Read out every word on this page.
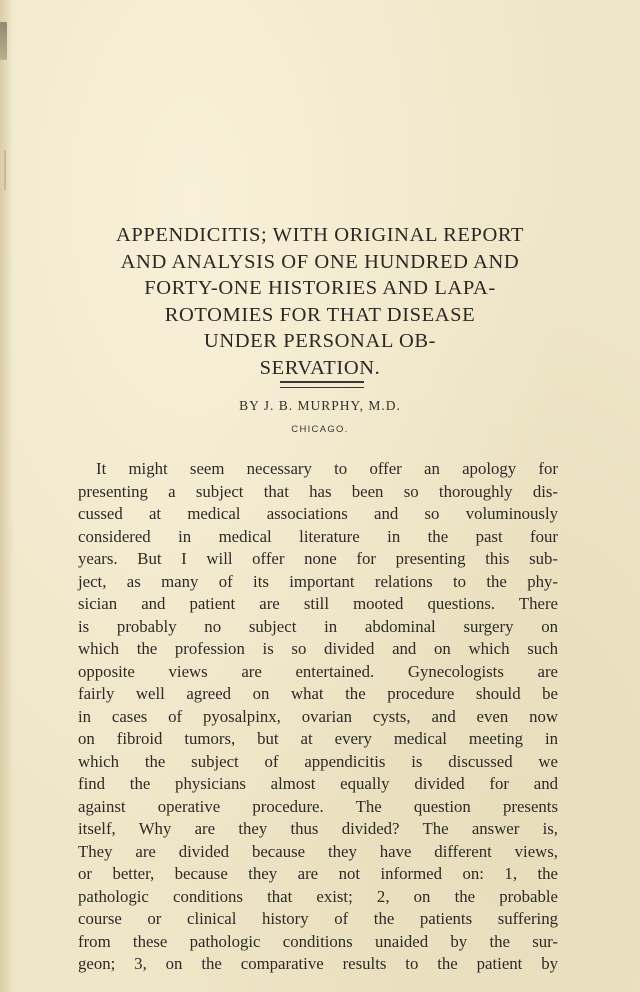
APPENDICITIS; WITH ORIGINAL REPORT
AND ANALYSIS OF ONE HUNDRED AND
FORTY-ONE HISTORIES AND LAPA-
ROTOMIES FOR THAT DISEASE
UNDER PERSONAL OB-
SERVATION.
BY J. B. MURPHY, M.D.
CHICAGO.
It might seem necessary to offer an apology for
presenting a subject that has been so thoroughly dis-
cussed at medical associations and so voluminously
considered in medical literature in the past four
years. But I will offer none for presenting this sub-
ject, as many of its important relations to the phy-
sician and patient are still mooted questions. There
is probably no subject in abdominal surgery on
which the profession is so divided and on which such
opposite views are entertained. Gynecologists are
fairly well agreed on what the procedure should be
in cases of pyosalpinx, ovarian cysts, and even now
on fibroid tumors, but at every medical meeting in
which the subject of appendicitis is discussed we
find the physicians almost equally divided for and
against operative procedure. The question presents
itself, Why are they thus divided? The answer is,
They are divided because they have different views,
or better, because they are not informed on: 1, the
pathologic conditions that exist; 2, on the probable
course or clinical history of the patients suffering
from these pathologic conditions unaided by the sur-
geon; 3, on the comparative results to the patient by
